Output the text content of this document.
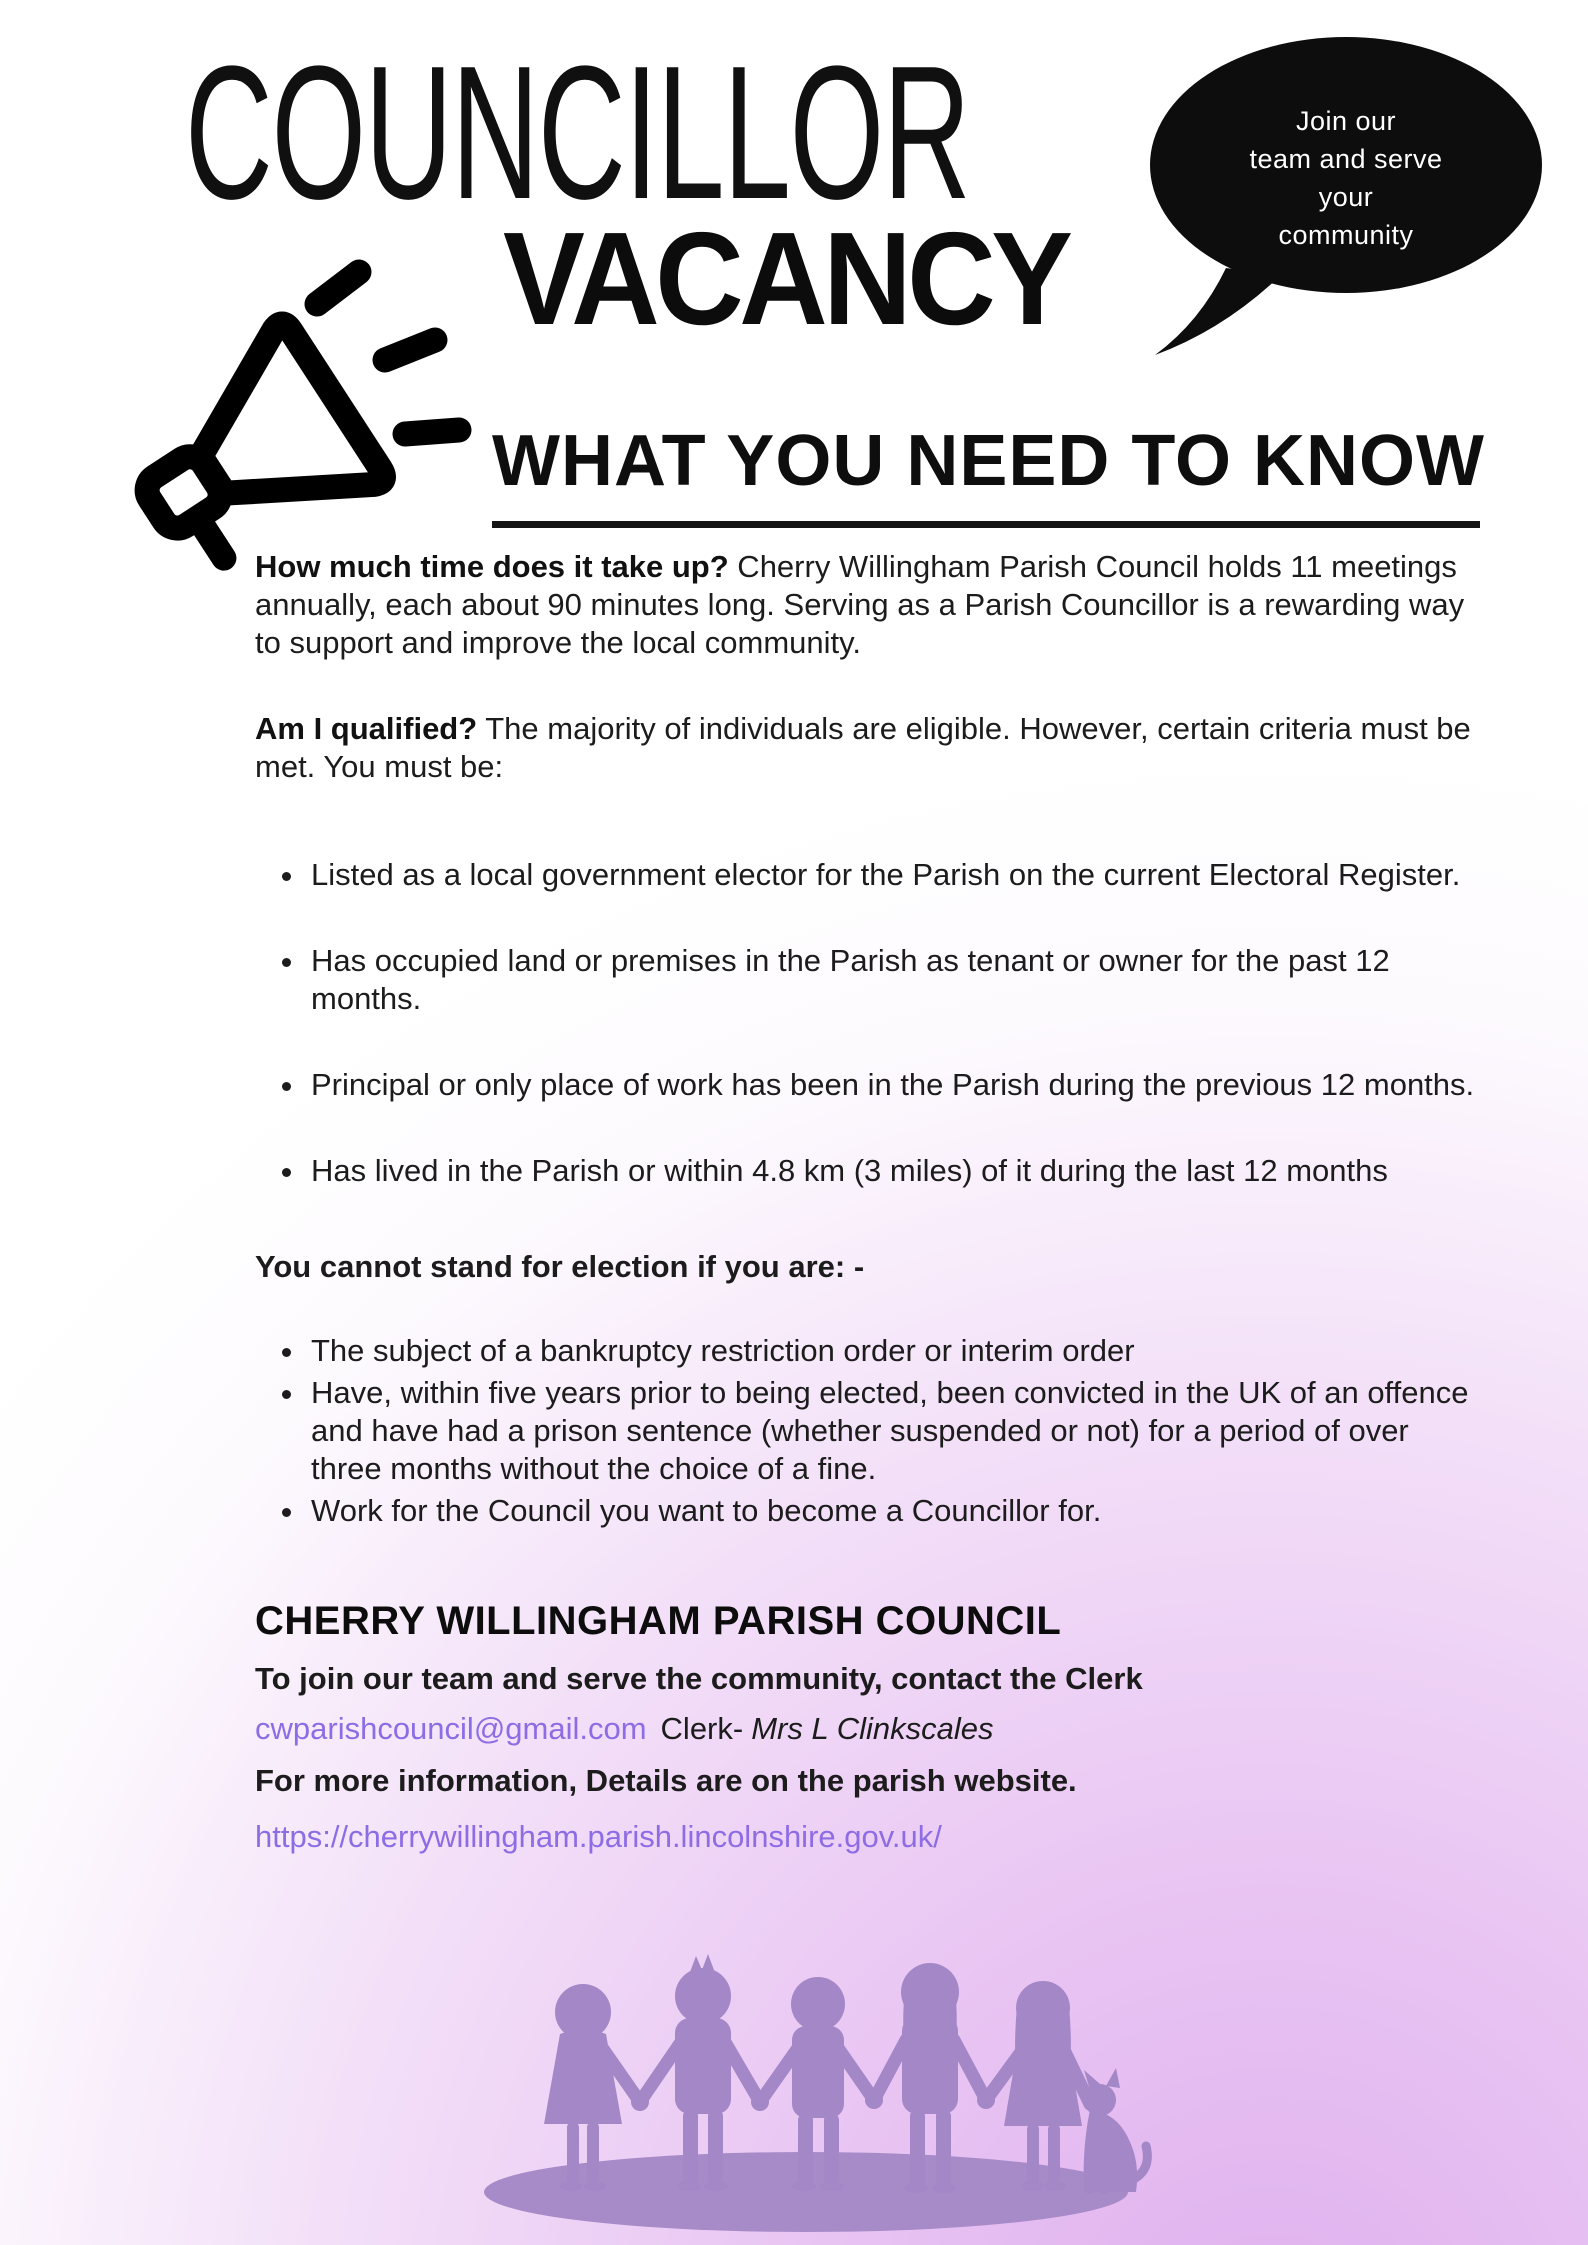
COUNCILLOR
VACANCY
Join our
team and serve
your
community
WHAT YOU NEED TO KNOW

How much time does it take up? Cherry Willingham Parish Council holds 11 meetings annually, each about 90 minutes long. Serving as a Parish Councillor is a rewarding way to support and improve the local community.

Am I qualified? The majority of individuals are eligible. However, certain criteria must be met. You must be:

• Listed as a local government elector for the Parish on the current Electoral Register.
• Has occupied land or premises in the Parish as tenant or owner for the past 12 months.
• Principal or only place of work has been in the Parish during the previous 12 months.
• Has lived in the Parish or within 4.8 km (3 miles) of it during the last 12 months

You cannot stand for election if you are: -

• The subject of a bankruptcy restriction order or interim order
• Have, within five years prior to being elected, been convicted in the UK of an offence and have had a prison sentence (whether suspended or not) for a period of over three months without the choice of a fine.
• Work for the Council you want to become a Councillor for.

CHERRY WILLINGHAM PARISH COUNCIL

To join our team and serve the community, contact the Clerk

cwparishcouncil@gmail.com Clerk- Mrs L Clinkscales

For more information, Details are on the parish website.

https://cherrywillingham.parish.lincolnshire.gov.uk/
